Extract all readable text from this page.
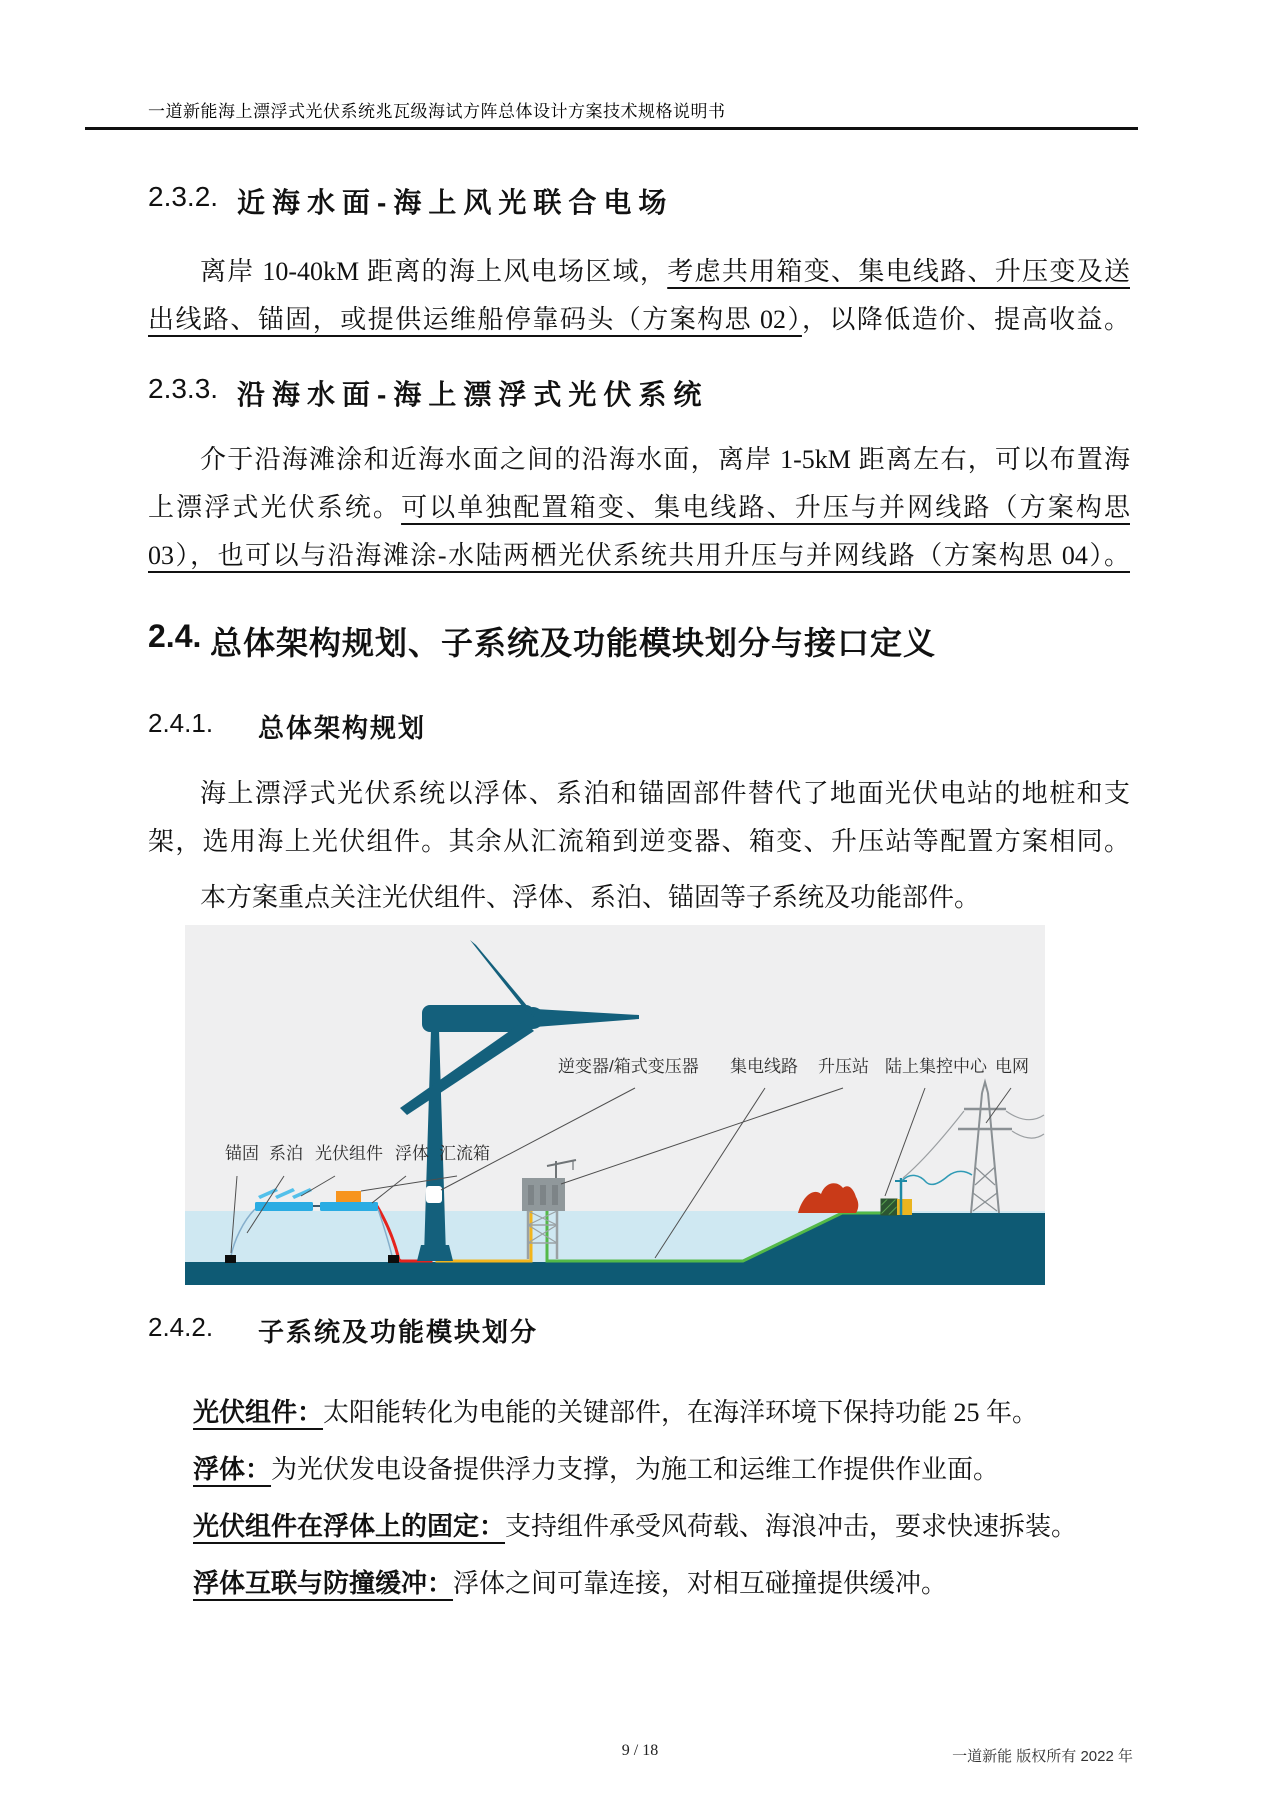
一道新能海上漂浮式光伏系统兆瓦级海试方阵总体设计方案技术规格说明书
2.3.2. 近海水面-海上风光联合电场
离岸 10-40kM 距离的海上风电场区域，考虑共用箱变、集电线路、升压变及送
出线路、锚固，或提供运维船停靠码头（方案构思 02），以降低造价、提高收益。
2.3.3. 沿海水面-海上漂浮式光伏系统
介于沿海滩涂和近海水面之间的沿海水面，离岸 1-5kM 距离左右，可以布置海
上漂浮式光伏系统。可以单独配置箱变、集电线路、升压与并网线路（方案构思
03），也可以与沿海滩涂-水陆两栖光伏系统共用升压与并网线路（方案构思 04）。
2.4. 总体架构规划、子系统及功能模块划分与接口定义
2.4.1.	总体架构规划
海上漂浮式光伏系统以浮体、系泊和锚固部件替代了地面光伏电站的地桩和支
架，选用海上光伏组件。其余从汇流箱到逆变器、箱变、升压站等配置方案相同。
本方案重点关注光伏组件、浮体、系泊、锚固等子系统及功能部件。
逆变器/箱式变压器 集电线路 升压站 陆上集控中心 电网
锚固 系泊 光伏组件 浮体 汇流箱
2.4.2.	子系统及功能模块划分
光伏组件：太阳能转化为电能的关键部件，在海洋环境下保持功能 25 年。
浮体：为光伏发电设备提供浮力支撑，为施工和运维工作提供作业面。
光伏组件在浮体上的固定：支持组件承受风荷载、海浪冲击，要求快速拆装。
浮体互联与防撞缓冲：浮体之间可靠连接，对相互碰撞提供缓冲。
9 / 18	一道新能 版权所有 2022 年
